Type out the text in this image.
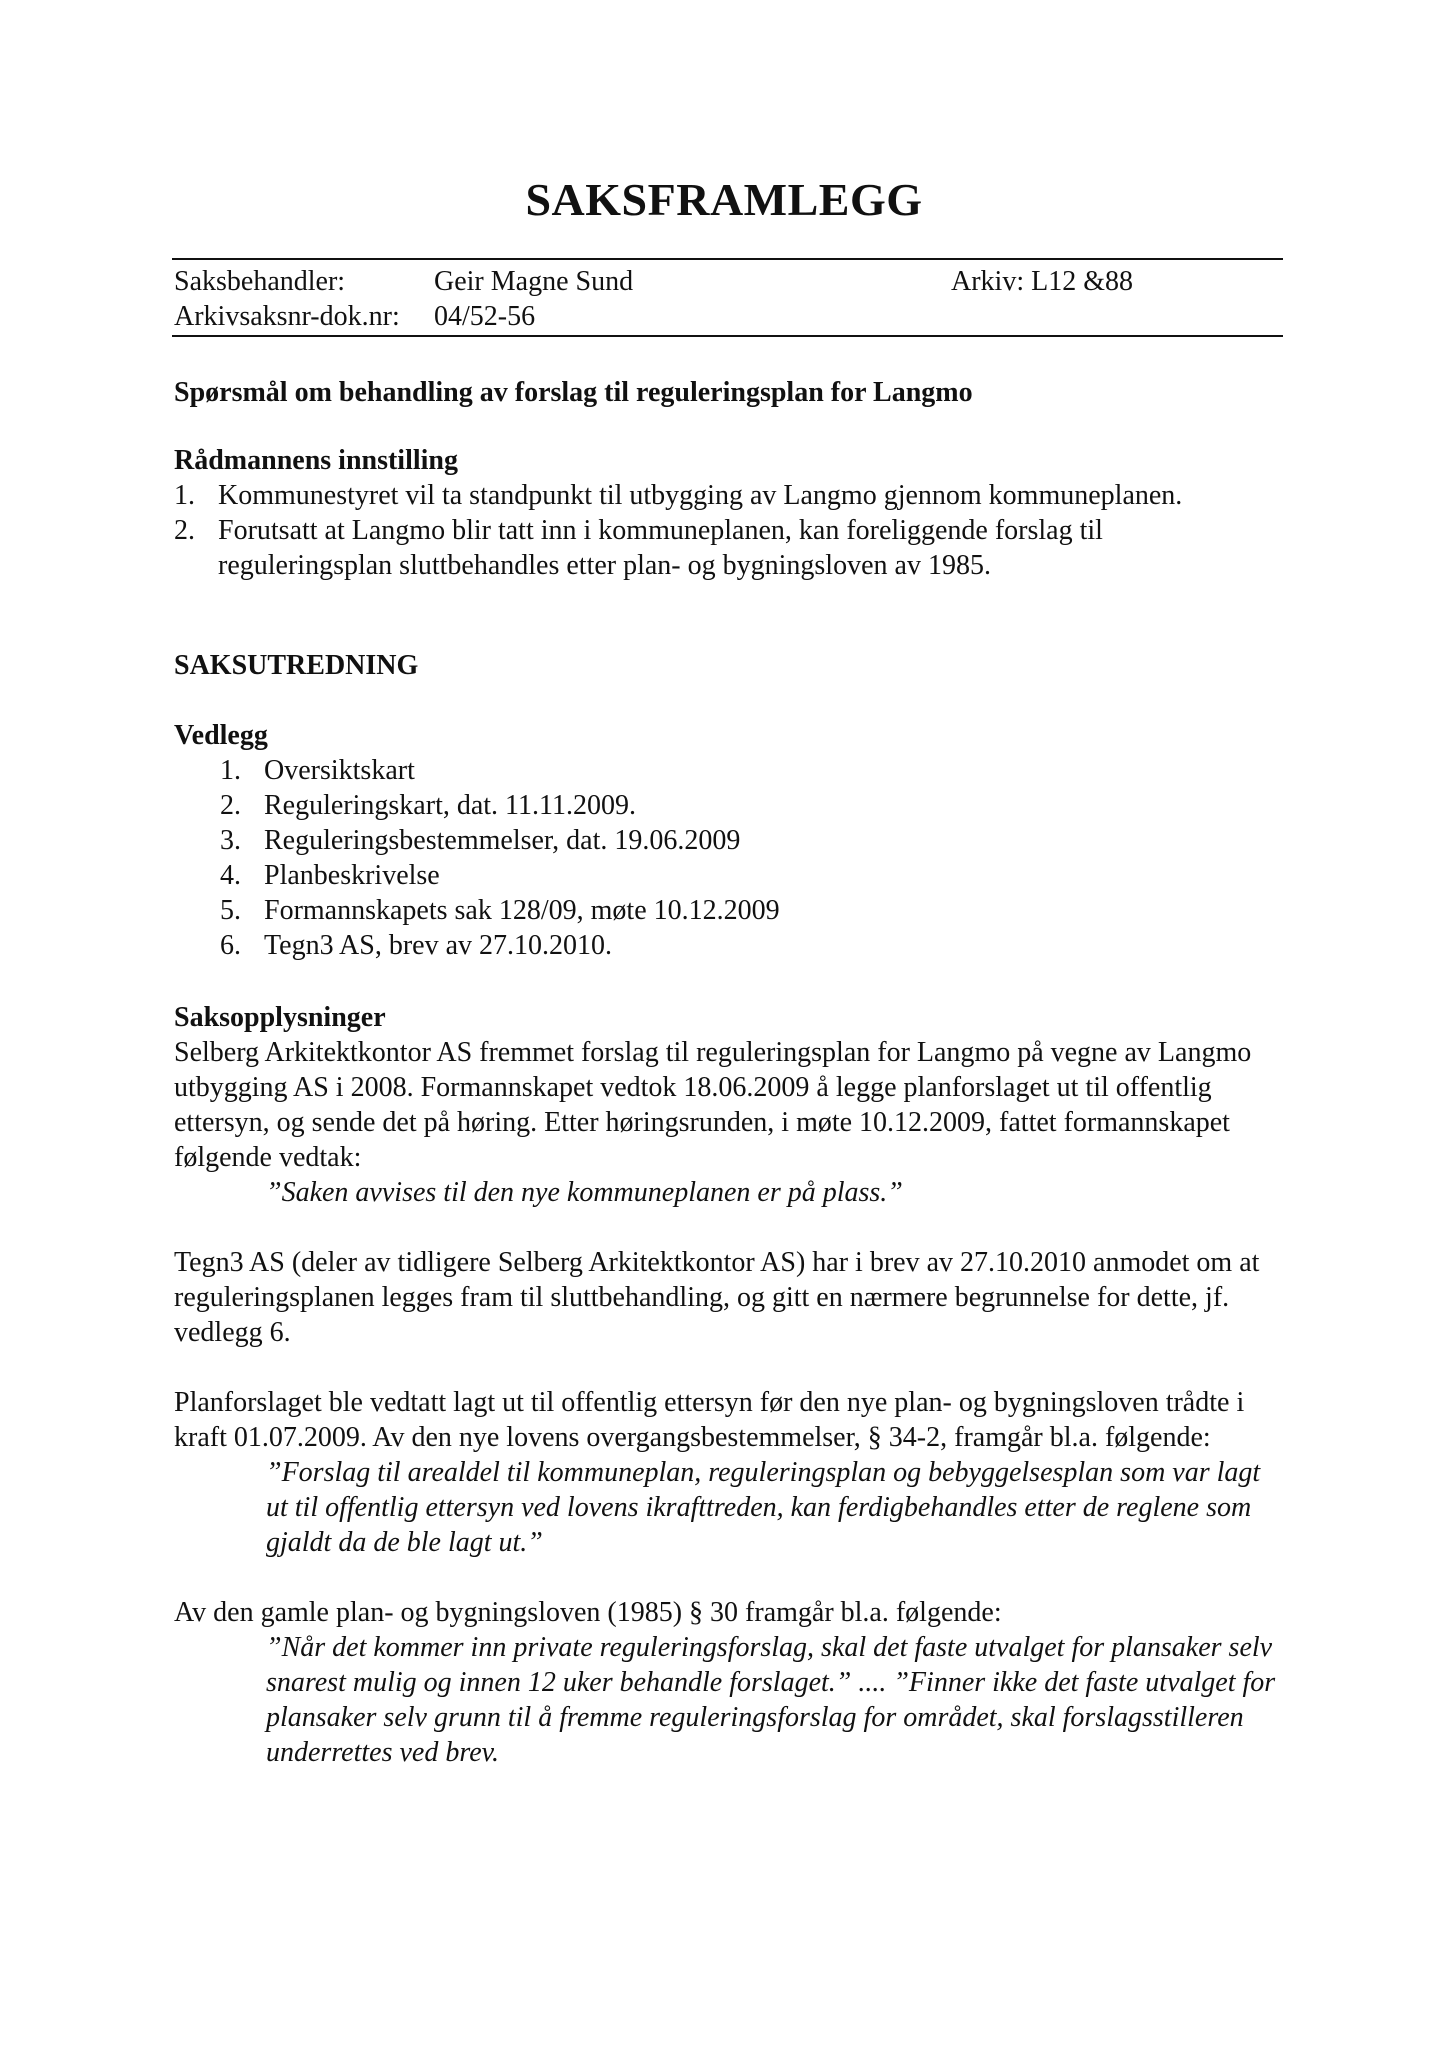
SAKSFRAMLEGG
Saksbehandler:	Geir Magne Sund	Arkiv: L12 &88
Arkivsaksnr-dok.nr: 04/52-56

Spørsmål om behandling av forslag til reguleringsplan for Langmo

Rådmannens innstilling

1. Kommunestyret vil ta standpunkt til utbygging av Langmo gjennom kommuneplanen.
2. Forutsatt at Langmo blir tatt inn i kommuneplanen, kan foreliggende forslag til reguleringsplan sluttbehandles etter plan- og bygningsloven av 1985.

SAKSUTREDNING

Vedlegg

1. Oversiktskart
2. Reguleringskart, dat. 11.11.2009.
3. Reguleringsbestemmelser, dat. 19.06.2009
4. Planbeskrivelse
5. Formannskapets sak 128/09, møte 10.12.2009
6. Tegn3 AS, brev av 27.10.2010.

Saksopplysninger

Selberg Arkitektkontor AS fremmet forslag til reguleringsplan for Langmo på vegne av Langmo utbygging AS i 2008. Formannskapet vedtok 18.06.2009 å legge planforslaget ut til offentlig ettersyn, og sende det på høring. Etter høringsrunden, i møte 10.12.2009, fattet formannskapet følgende vedtak:

”Saken avvises til den nye kommuneplanen er på plass.”

Tegn3 AS (deler av tidligere Selberg Arkitektkontor AS) har i brev av 27.10.2010 anmodet om at reguleringsplanen legges fram til sluttbehandling, og gitt en nærmere begrunnelse for dette, jf. vedlegg 6.

Planforslaget ble vedtatt lagt ut til offentlig ettersyn før den nye plan- og bygningsloven trådte i kraft 01.07.2009. Av den nye lovens overgangsbestemmelser, § 34-2, framgår bl.a. følgende:

”Forslag til arealdel til kommuneplan, reguleringsplan og bebyggelsesplan som var lagt ut til offentlig ettersyn ved lovens ikrafttreden, kan ferdigbehandles etter de reglene som gjaldt da de ble lagt ut.”

Av den gamle plan- og bygningsloven (1985) § 30 framgår bl.a. følgende:

”Når det kommer inn private reguleringsforslag, skal det faste utvalget for plansaker selv snarest mulig og innen 12 uker behandle forslaget.” .... ”Finner ikke det faste utvalget for plansaker selv grunn til å fremme reguleringsforslag for området, skal forslagsstilleren underrettes ved brev.
